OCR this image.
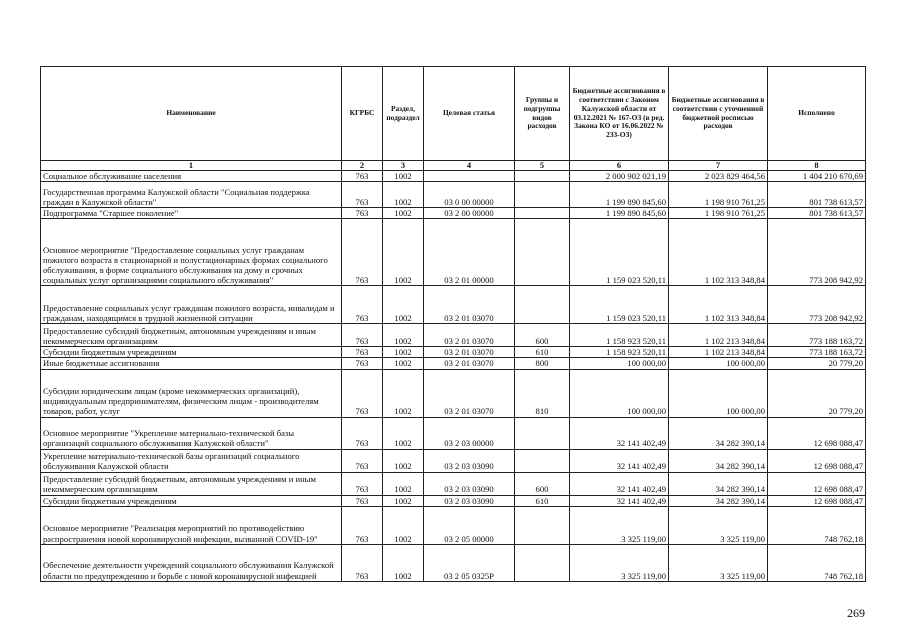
Наименование	КГРБС	Раздел, подраздел	Целевая статья	Группы и подгруппы видов расходов	Бюджетные ассигнования в соответствии с Законом Калужской области от 03.12.2021 № 167-ОЗ (в ред. Закона КО от 16.06.2022 № 233-ОЗ)	Бюджетные ассигнования в соответствии с уточненной бюджетной росписью расходов	Исполнено
1	2	3	4	5	6	7	8
Социальное обслуживание населения	763	1002			2 000 902 021,19	2 023 829 464,56	1 404 210 670,69
Государственная программа Калужской области "Социальная поддержка граждан в Калужской области"	763	1002	03 0 00 00000		1 199 890 845,60	1 198 910 761,25	801 738 613,57
Подпрограмма "Старшее поколение"	763	1002	03 2 00 00000		1 199 890 845,60	1 198 910 761,25	801 738 613,57
Основное мероприятие "Предоставление социальных услуг гражданам пожилого возраста в стационарной и полустационарных формах социального обслуживания, в форме социального обслуживания на дому и срочных социальных услуг организациями социального обслуживания"	763	1002	03 2 01 00000		1 159 023 520,11	1 102 313 348,84	773 208 942,92
Предоставление социальных услуг гражданам пожилого возраста, инвалидам и гражданам, находящимся в трудной жизненной ситуации	763	1002	03 2 01 03070		1 159 023 520,11	1 102 313 348,84	773 208 942,92
Предоставление субсидий бюджетным, автономным учреждениям и иным некоммерческим организациям	763	1002	03 2 01 03070	600	1 158 923 520,11	1 102 213 348,84	773 188 163,72
Субсидии бюджетным учреждениям	763	1002	03 2 01 03070	610	1 158 923 520,11	1 102 213 348,84	773 188 163,72
Иные бюджетные ассигнования	763	1002	03 2 01 03070	800	100 000,00	100 000,00	20 779,20
Субсидии юридическим лицам (кроме некоммерческих организаций), индивидуальным предпринимателям, физическим лицам - производителям товаров, работ, услуг	763	1002	03 2 01 03070	810	100 000,00	100 000,00	20 779,20
Основное мероприятие "Укрепление материально-технической базы организаций социального обслуживания Калужской области"	763	1002	03 2 03 00000		32 141 402,49	34 282 390,14	12 698 088,47
Укрепление материально-технической базы организаций социального обслуживания Калужской области	763	1002	03 2 03 03090		32 141 402,49	34 282 390,14	12 698 088,47
Предоставление субсидий бюджетным, автономным учреждениям и иным некоммерческим организациям	763	1002	03 2 03 03090	600	32 141 402,49	34 282 390,14	12 698 088,47
Субсидии бюджетным учреждениям	763	1002	03 2 03 03090	610	32 141 402,49	34 282 390,14	12 698 088,47
Основное мероприятие "Реализация мероприятий по противодействию распространения новой коронавирусной инфекции, вызванной COVID-19"	763	1002	03 2 05 00000		3 325 119,00	3 325 119,00	748 762,18
Обеспечение деятельности учреждений социального обслуживания Калужской области по предупреждению и борьбе с новой коронавирусной инфекцией	763	1002	03 2 05 0325Р		3 325 119,00	3 325 119,00	748 762,18
269
